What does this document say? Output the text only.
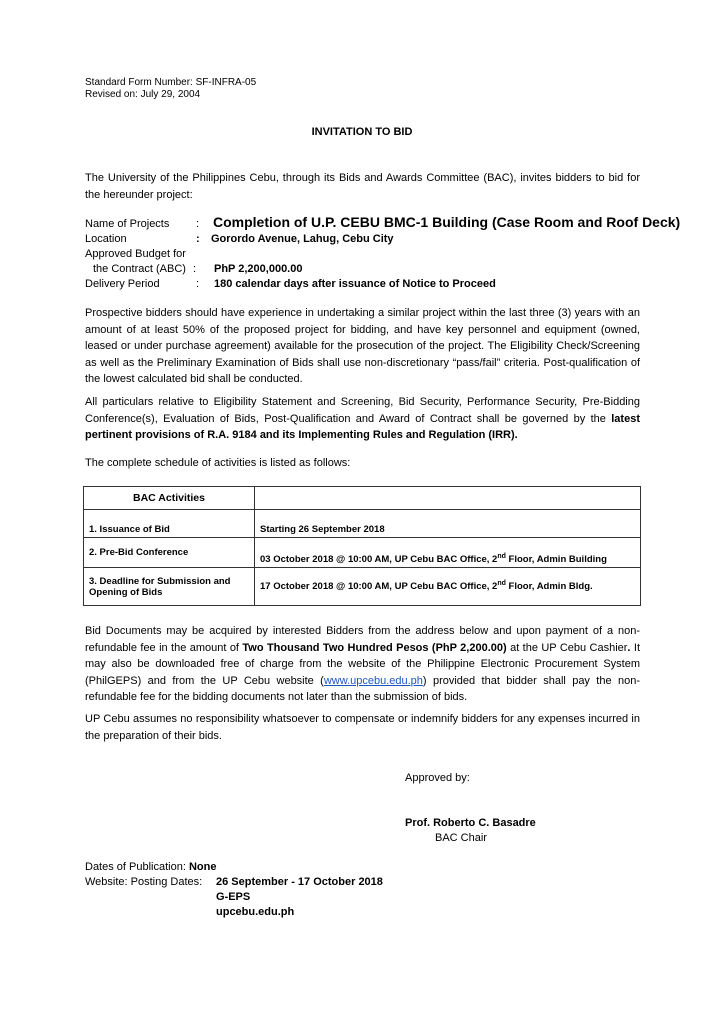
Standard Form Number: SF-INFRA-05
Revised on: July 29, 2004
INVITATION TO BID
The University of the Philippines Cebu, through its Bids and Awards Committee (BAC), invites bidders to bid for the hereunder project:
Name of Projects : Completion of U.P. CEBU BMC-1 Building (Case Room and Roof Deck)
Location	: Gorordo Avenue, Lahug, Cebu City
Approved Budget for
the Contract (ABC) : PhP 2,200,000.00
Delivery Period	: 180 calendar days after issuance of Notice to Proceed
Prospective bidders should have experience in undertaking a similar project within the last three (3) years with an amount of at least 50% of the proposed project for bidding, and have key personnel and equipment (owned, leased or under purchase agreement) available for the prosecution of the project. The Eligibility Check/Screening as well as the Preliminary Examination of Bids shall use non-discretionary “pass/fail” criteria. Post-qualification of the lowest calculated bid shall be conducted.
All particulars relative to Eligibility Statement and Screening, Bid Security, Performance Security, Pre-Bidding Conference(s), Evaluation of Bids, Post-Qualification and Award of Contract shall be governed by the latest pertinent provisions of R.A. 9184 and its Implementing Rules and Regulation (IRR).
The complete schedule of activities is listed as follows:
BAC Activities	
1. Issuance of Bid	Starting 26 September 2018
2. Pre-Bid Conference	03 October 2018 @ 10:00 AM, UP Cebu BAC Office, 2nd Floor, Admin Building
3. Deadline for Submission and Opening of Bids	17 October 2018 @ 10:00 AM, UP Cebu BAC Office, 2nd Floor, Admin Bldg.
Bid Documents may be acquired by interested Bidders from the address below and upon payment of a non-refundable fee in the amount of Two Thousand Two Hundred Pesos (PhP 2,200.00) at the UP Cebu Cashier. It may also be downloaded free of charge from the website of the Philippine Electronic Procurement System (PhilGEPS) and from the UP Cebu website (www.upcebu.edu.ph) provided that bidder shall pay the non-refundable fee for the bidding documents not later than the submission of bids.
UP Cebu assumes no responsibility whatsoever to compensate or indemnify bidders for any expenses incurred in the preparation of their bids.
Approved by:
Prof. Roberto C. Basadre
BAC Chair
Dates of Publication: None
Website: Posting Dates: 26 September - 17 October 2018
G-EPS
upcebu.edu.ph
